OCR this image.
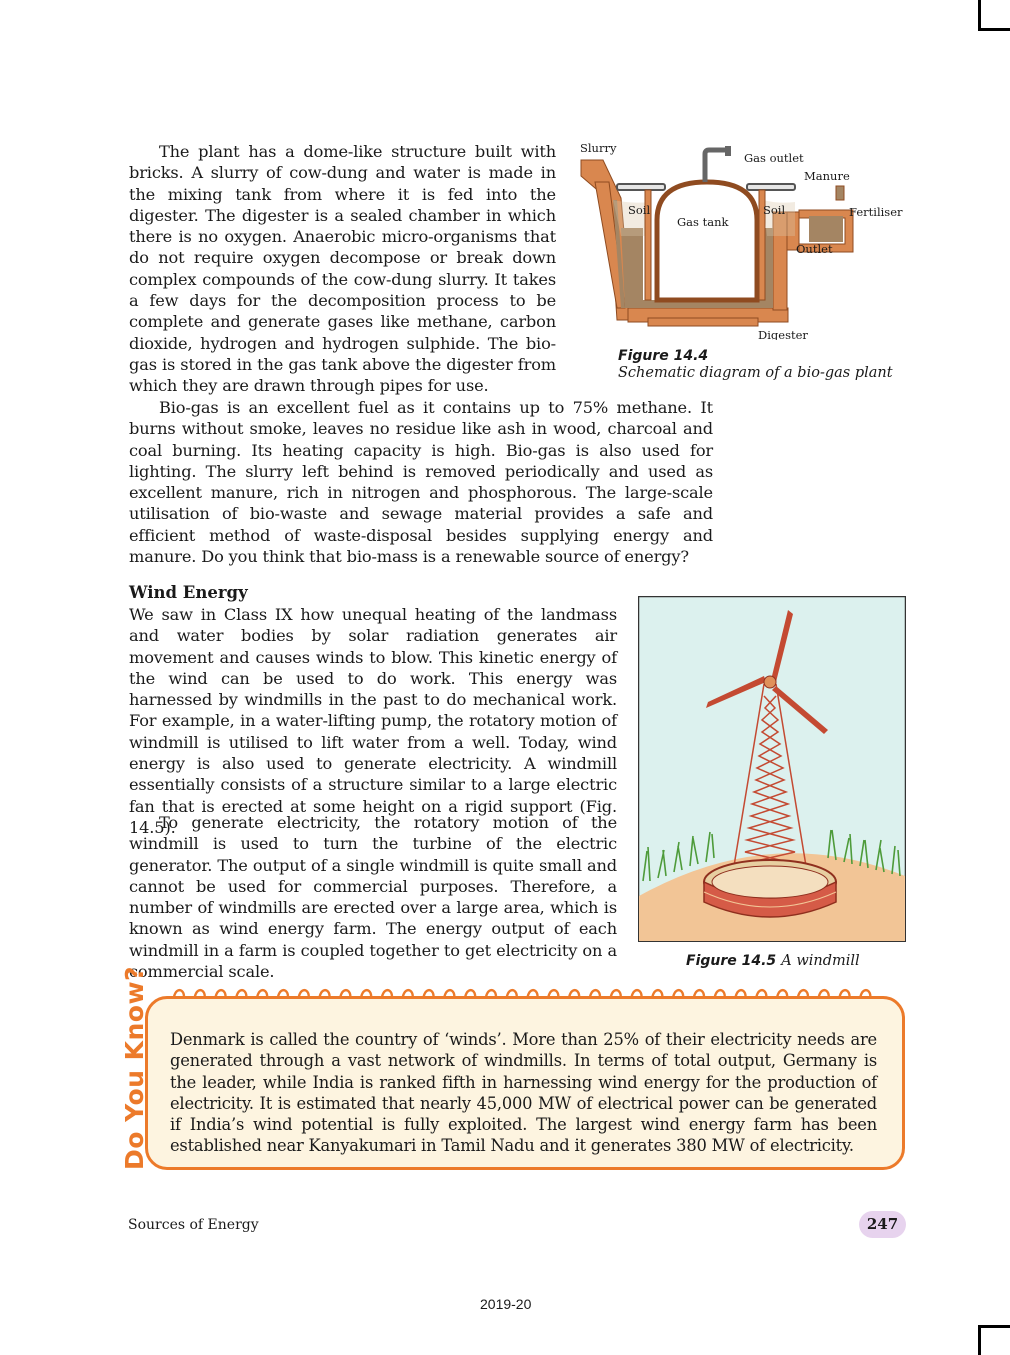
The plant has a dome-like structure built with bricks. A slurry of cow-dung and water is made in the mixing tank from where it is fed into the digester. The digester is a sealed chamber in which there is no oxygen. Anaerobic micro-organisms that do not require oxygen decompose or break down complex compounds of the cow-dung slurry. It takes a few days for the decomposition process to be complete and generate gases like methane, carbon dioxide, hydrogen and hydrogen sulphide. The bio-gas is stored in the gas tank above the digester from which they are drawn through pipes for use.

Slurry
Gas outlet
Manure
Soil	Soil
Gas tank
Fertiliser
Outlet
Digester
Figure 14.4
Schematic diagram of a bio-gas plant

Bio-gas is an excellent fuel as it contains up to 75% methane. It burns without smoke, leaves no residue like ash in wood, charcoal and coal burning. Its heating capacity is high. Bio-gas is also used for lighting. The slurry left behind is removed periodically and used as excellent manure, rich in nitrogen and phosphorous. The large-scale utilisation of bio-waste and sewage material provides a safe and efficient method of waste-disposal besides supplying energy and manure. Do you think that bio-mass is a renewable source of energy?

Wind Energy

We saw in Class IX how unequal heating of the landmass and water bodies by solar radiation generates air movement and causes winds to blow. This kinetic energy of the wind can be used to do work. This energy was harnessed by windmills in the past to do mechanical work. For example, in a water-lifting pump, the rotatory motion of windmill is utilised to lift water from a well. Today, wind energy is also used to generate electricity. A windmill essentially consists of a structure similar to a large electric fan that is erected at some height on a rigid support (Fig. 14.5).

To generate electricity, the rotatory motion of the windmill is used to turn the turbine of the electric generator. The output of a single windmill is quite small and cannot be used for commercial purposes. Therefore, a number of windmills are erected over a large area, which is known as wind energy farm. The energy output of each windmill in a farm is coupled together to get electricity on a commercial scale.

Figure 14.5 A windmill
Do You Know? Denmark is called the country of ‘winds’. More than 25% of their electricity needs are generated through a vast network of windmills. In terms of total output, Germany is the leader, while India is ranked fifth in harnessing wind energy for the production of electricity. It is estimated that nearly 45,000 MW of electrical power can be generated if India’s wind potential is fully exploited. The largest wind energy farm has been established near Kanyakumari in Tamil Nadu and it generates 380 MW of electricity.

Sources of Energy	247
2019-20
